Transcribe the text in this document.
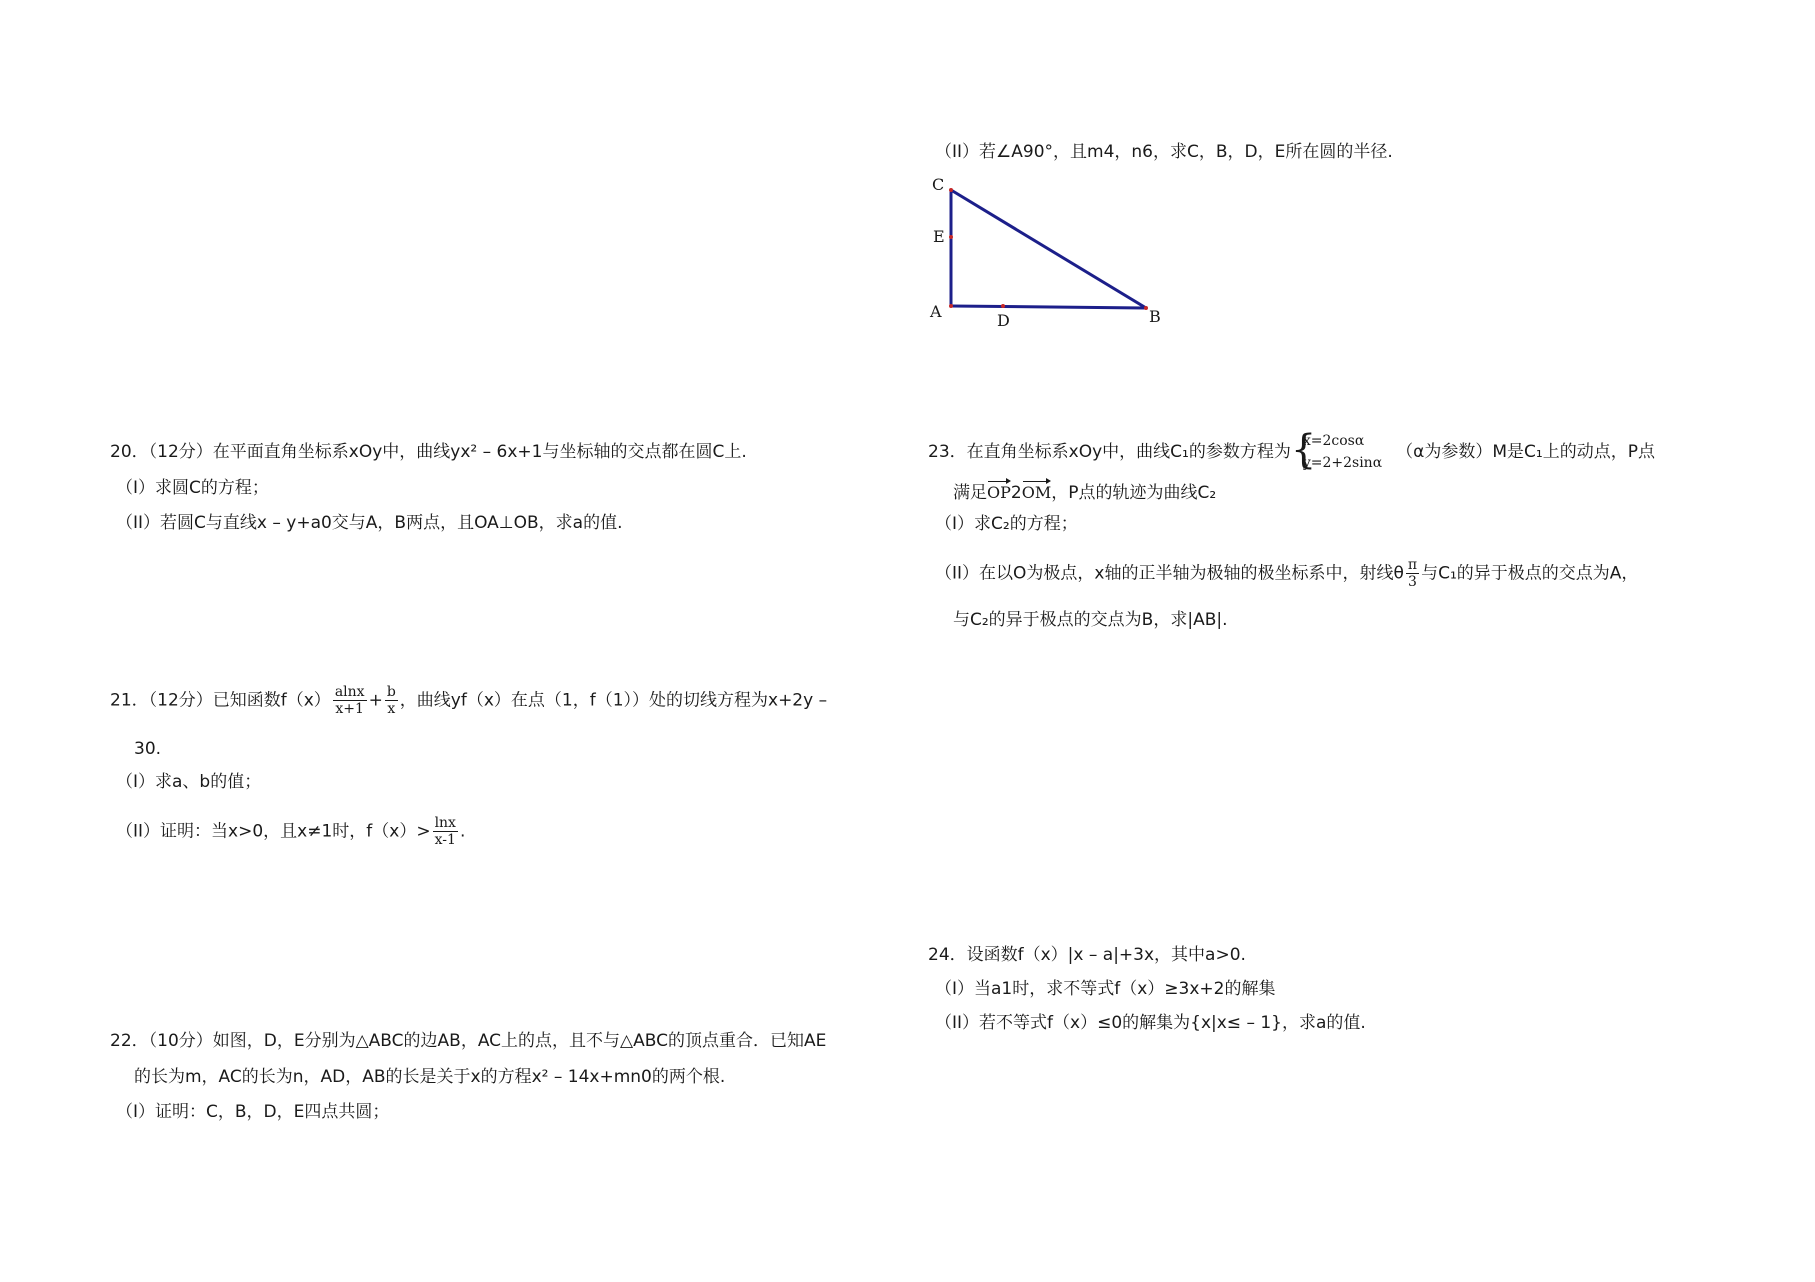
（II）若∠A90°，且m4，n6，求C，B，D，E所在圆的半径.
C
E
A	D	B
20．（12分）在平面直角坐标系xOy中，曲线yx² – 6x+1与坐标轴的交点都在圆C上.
（I）求圆C的方程；
（II）若圆C与直线x – y+a0交与A，B两点，且OA⊥OB，求a的值.
21．（12分）已知函数$f(x) \frac{alnx}{x+1} + \frac{b}{x}$ ，曲线yf（x）在点（1，f（1））处的切线方程为x+2y –
30.
（I）求a、b的值；
（II）证明：当x>0，且x≠1时，$f(x)> \frac{\ln x}{x-1}$ .
22．（10分）如图，D，E分别为△ABC的边AB，AC上的点，且不与△ABC的顶点重合．已知AE
的长为m，AC的长为n，AD，AB的长是关于x的方程x² – 14x+mn0的两个根.
（I）证明：C，B，D，E四点共圆；
23．在直角坐标系xOy中，曲线C₁的参数方程为 {
x=2cosα
y=2+2sinα
（α为参数）M是C₁上的动点，P点
满足OP2OM，P点的轨迹为曲线C₂
（I）求C₂的方程；
（II）在以O为极点，x轴的正半轴为极轴的极坐标系中，射线θ $\frac{\pi}{3}$ 与C₁的异于极点的交点为A，
与C₂的异于极点的交点为B，求|AB|.
24．设函数f（x）|x – a|+3x，其中a>0.
（I）当a1时，求不等式f（x）≥3x+2的解集
（II）若不等式f（x）≤0的解集为{x|x≤ – 1}，求a的值.
